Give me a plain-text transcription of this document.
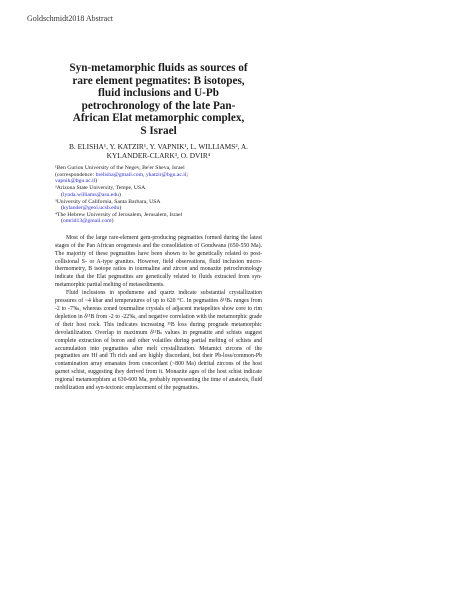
Goldschmidt2018 Abstract
Syn-metamorphic fluids as sources of
rare element pegmatites: B isotopes,
fluid inclusions and U-Pb
petrochronology of the late Pan-
African Elat metamorphic complex,
S Israel
B. ELISHA¹, Y. KATZIR¹, Y. VAPNIK¹, L. WILLIAMS², A.
KYLANDER-CLARK³, O. DVIR⁴
¹Ben Gurion University of the Negev, Be'er Sheva, Israel
(correspondence: brelisha@gmail.com, ykatzir@bgu.ac.il;
vapnik@bgu.ac.il)
²Arizona State University, Tempe, USA
(lynda.williams@asu.edu)
³University of California, Santa Barbara, USA
(kylander@geol.ucsb.edu)
⁴The Hebrew University of Jerusalem, Jerusalem, Israel
(omrid13@gmail.com)

Most of the large rare-element gem-producing pegmatites formed during the latest stages of the Pan African orogenesis and the consolidation of Gondwana (650-550 Ma). The majority of these pegmatites have been shown to be genetically related to post-collisional S- or A-type granites. However, field observations, fluid inclusion micro-thermometry, B isotope ratios in tourmaline and zircon and monazite petrochronology indicate that the Elat pegmatites are genetically related to fluids extracted from syn-metamorphic partial melting of metasediments.

Fluid inclusions in spodumene and quartz indicate substantial crystallization pressures of ~4 kbar and temperatures of up to 620 °C. In pegmatites δ¹¹Bₛ ranges from -2 to -7‰, whereas zoned tourmaline crystals of adjacent metapelites show core to rim depletion in δ¹¹B from -2 to -22‰, and negative correlation with the metamorphic grade of their host rock. This indicates increasing ¹¹B loss during prograde metamorphic devolatilization. Overlap in maximum δ¹¹Bₛ values in pegmatite and schists suggest complete extraction of boron and other volatiles during partial melting of schists and accumulation into pegmatites after melt crystallization. Metamict zircons of the pegmatites are Hf and Th rich and are highly discordant, but their Pb-loss/common-Pb contamination array emanates from concordant (~800 Ma) detrital zircons of the host garnet schist, suggesting they derived from it. Monazite ages of the host schist indicate regional metamorphism at 630-600 Ma, probably representing the time of anatexis, fluid mobilization and syn-tectonic emplacement of the pegmatites.
